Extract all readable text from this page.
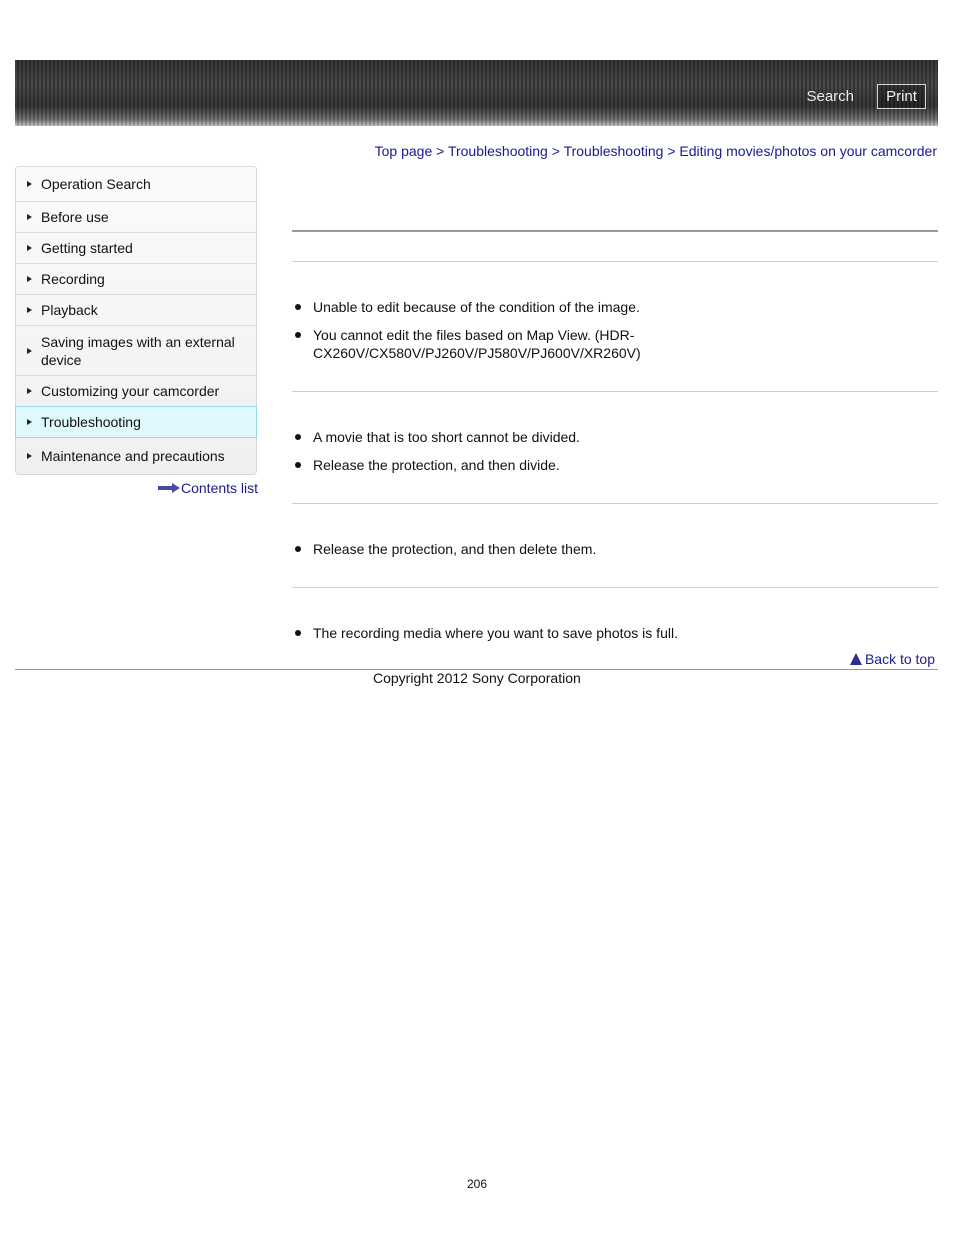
Search	Print
Top page > Troubleshooting > Troubleshooting > Editing movies/photos on your camcorder
Operation Search
Before use
Getting started
Recording
Playback
Saving images with an external device
Customizing your camcorder
Troubleshooting
Maintenance and precautions
Contents list
Unable to edit because of the condition of the image.
You cannot edit the files based on Map View. (HDR-CX260V/CX580V/PJ260V/PJ580V/PJ600V/XR260V)
A movie that is too short cannot be divided.
Release the protection, and then divide.
Release the protection, and then delete them.
The recording media where you want to save photos is full.
Back to top
Copyright 2012 Sony Corporation
206
